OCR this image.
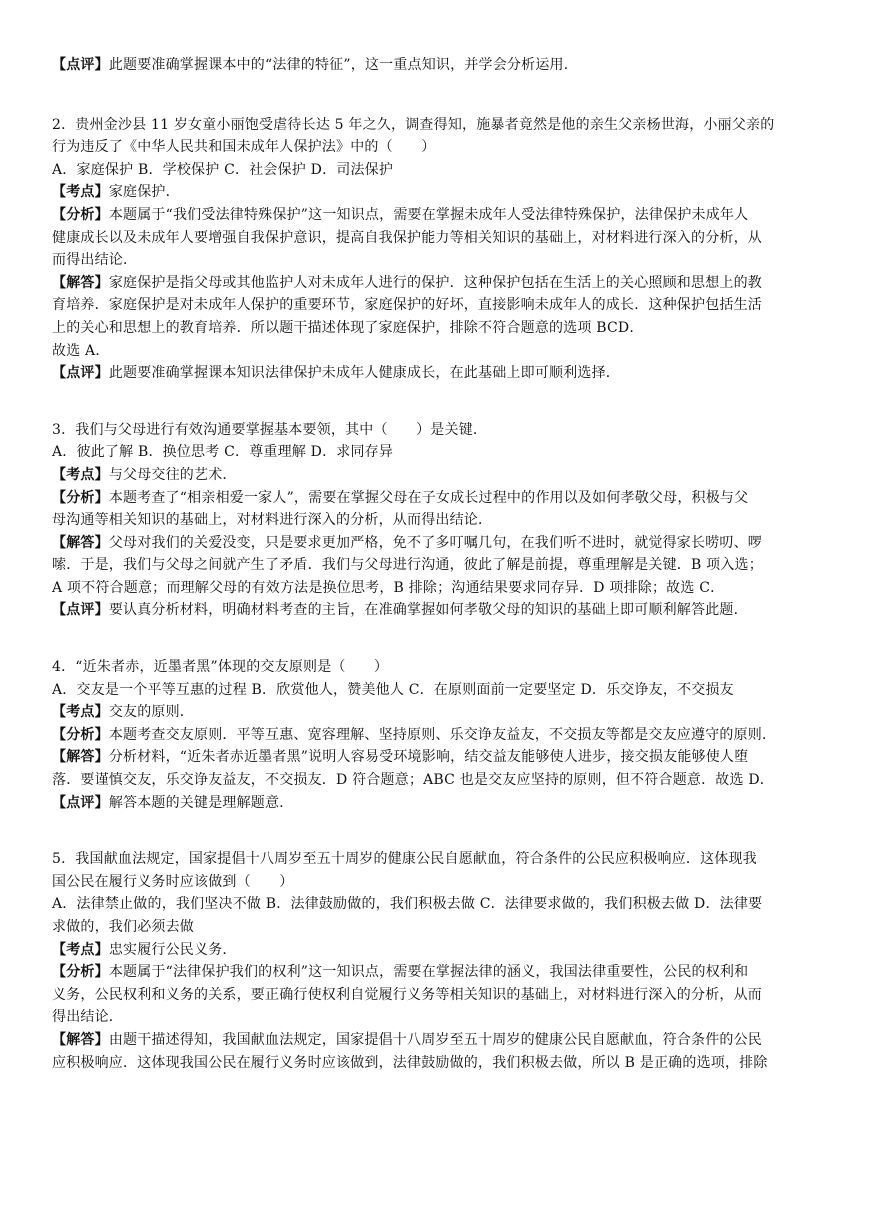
【点评】此题要准确掌握课本中的“法律的特征”，这一重点知识，并学会分析运用．
2．贵州金沙县 11 岁女童小丽饱受虐待长达 5 年之久，调查得知，施暴者竟然是他的亲生父亲杨世海，小丽父亲的
行为违反了《中华人民共和国未成年人保护法》中的（　　）
A．家庭保护 B．学校保护 C．社会保护 D．司法保护
【考点】家庭保护．
【分析】本题属于“我们受法律特殊保护”这一知识点，需要在掌握未成年人受法律特殊保护，法律保护未成年人
健康成长以及未成年人要增强自我保护意识，提高自我保护能力等相关知识的基础上，对材料进行深入的分析，从
而得出结论．
【解答】家庭保护是指父母或其他监护人对未成年人进行的保护．这种保护包括在生活上的关心照顾和思想上的教
育培养．家庭保护是对未成年人保护的重要环节，家庭保护的好坏，直接影响未成年人的成长．这种保护包括生活
上的关心和思想上的教育培养．所以题干描述体现了家庭保护，排除不符合题意的选项 BCD．
故选 A．
【点评】此题要准确掌握课本知识法律保护未成年人健康成长，在此基础上即可顺利选择．
3．我们与父母进行有效沟通要掌握基本要领，其中（　　）是关键．
A．彼此了解 B．换位思考 C．尊重理解 D．求同存异
【考点】与父母交往的艺术．
【分析】本题考查了“相亲相爱一家人”，需要在掌握父母在子女成长过程中的作用以及如何孝敬父母，积极与父
母沟通等相关知识的基础上，对材料进行深入的分析，从而得出结论．
【解答】父母对我们的关爱没变，只是要求更加严格，免不了多叮嘱几句，在我们听不进时，就觉得家长唠叨、啰
嗦．于是，我们与父母之间就产生了矛盾．我们与父母进行沟通，彼此了解是前提，尊重理解是关键．B 项入选；
A 项不符合题意；而理解父母的有效方法是换位思考，B 排除；沟通结果要求同存异．D 项排除；故选 C．
【点评】要认真分析材料，明确材料考查的主旨，在准确掌握如何孝敬父母的知识的基础上即可顺利解答此题．
4．“近朱者赤，近墨者黑”体现的交友原则是（　　）
A．交友是一个平等互惠的过程 B．欣赏他人，赞美他人 C．在原则面前一定要坚定 D．乐交诤友，不交损友
【考点】交友的原则．
【分析】本题考查交友原则．平等互惠、宽容理解、坚持原则、乐交诤友益友，不交损友等都是交友应遵守的原则．
【解答】分析材料，“近朱者赤近墨者黑”说明人容易受环境影响，结交益友能够使人进步，接交损友能够使人堕
落．要谨慎交友，乐交诤友益友，不交损友．D 符合题意；ABC 也是交友应坚持的原则，但不符合题意．故选 D．
【点评】解答本题的关键是理解题意．
5．我国献血法规定，国家提倡十八周岁至五十周岁的健康公民自愿献血，符合条件的公民应积极响应．这体现我
国公民在履行义务时应该做到（　　）
A．法律禁止做的，我们坚决不做 B．法律鼓励做的，我们积极去做 C．法律要求做的，我们积极去做 D．法律要
求做的，我们必须去做
【考点】忠实履行公民义务．
【分析】本题属于“法律保护我们的权利”这一知识点，需要在掌握法律的涵义，我国法律重要性，公民的权利和
义务，公民权利和义务的关系，要正确行使权利自觉履行义务等相关知识的基础上，对材料进行深入的分析，从而
得出结论．
【解答】由题干描述得知，我国献血法规定，国家提倡十八周岁至五十周岁的健康公民自愿献血，符合条件的公民
应积极响应．这体现我国公民在履行义务时应该做到，法律鼓励做的，我们积极去做，所以 B 是正确的选项，排除
